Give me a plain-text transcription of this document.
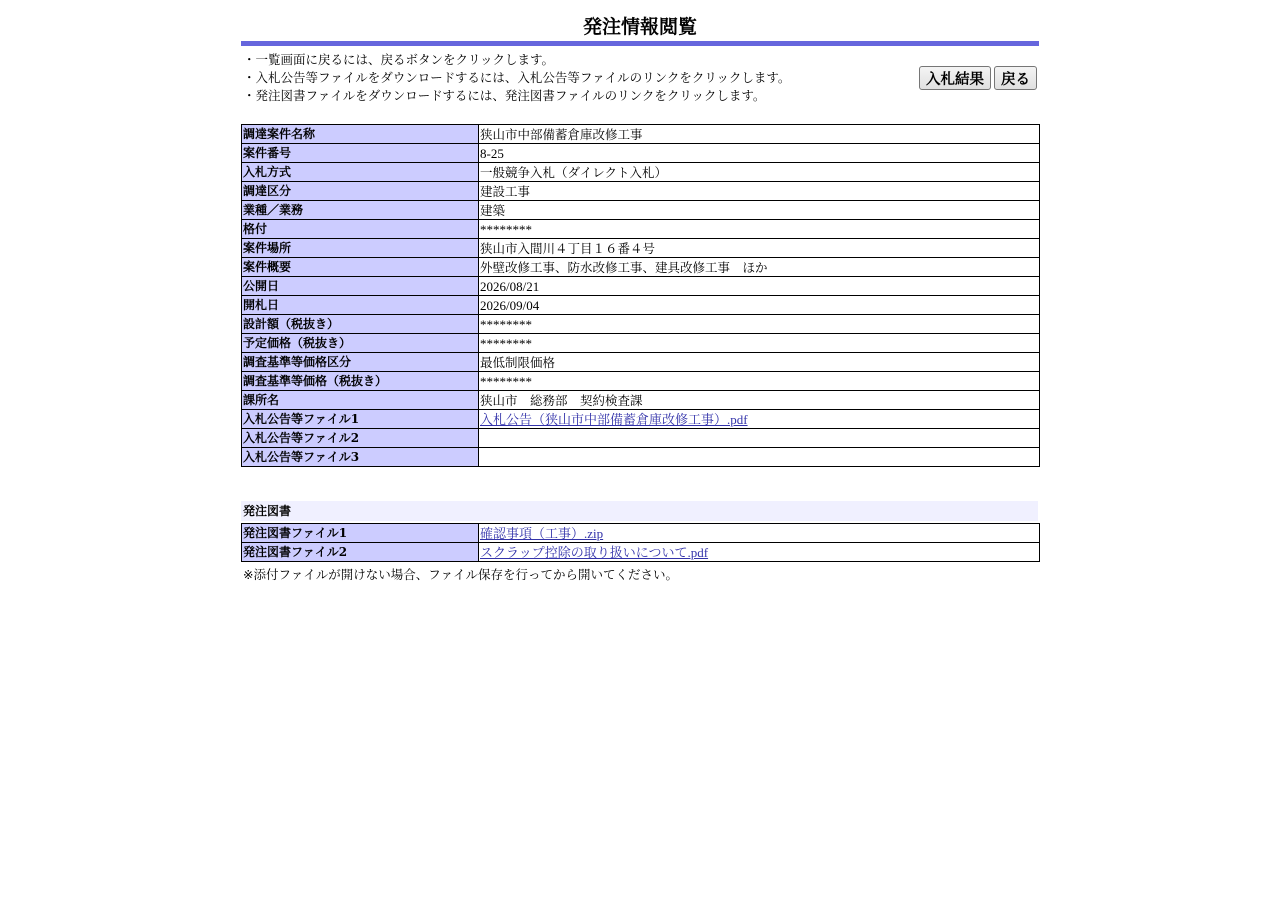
発注情報閲覧
・一覧画面に戻るには、戻るボタンをクリックします。
・入札公告等ファイルをダウンロードするには、入札公告等ファイルのリンクをクリックします。
・発注図書ファイルをダウンロードするには、発注図書ファイルのリンクをクリックします。
入札結果	戻る
調達案件名称	狭山市中部備蓄倉庫改修工事
案件番号	8-25
入札方式	一般競争入札（ダイレクト入札）
調達区分	建設工事
業種／業務	建築
格付	********
案件場所	狭山市入間川４丁目１６番４号
案件概要	外壁改修工事、防水改修工事、建具改修工事　ほか
公開日	2026/08/21
開札日	2026/09/04
設計額（税抜き）	********
予定価格（税抜き）	********
調査基準等価格区分	最低制限価格
調査基準等価格（税抜き）	********
課所名	狭山市　総務部　契約検査課
入札公告等ファイル1	入札公告（狭山市中部備蓄倉庫改修工事）.pdf
入札公告等ファイル2	
入札公告等ファイル3	
発注図書
発注図書ファイル1	確認事項（工事）.zip
発注図書ファイル2	スクラップ控除の取り扱いについて.pdf
※添付ファイルが開けない場合、ファイル保存を行ってから開いてください。
